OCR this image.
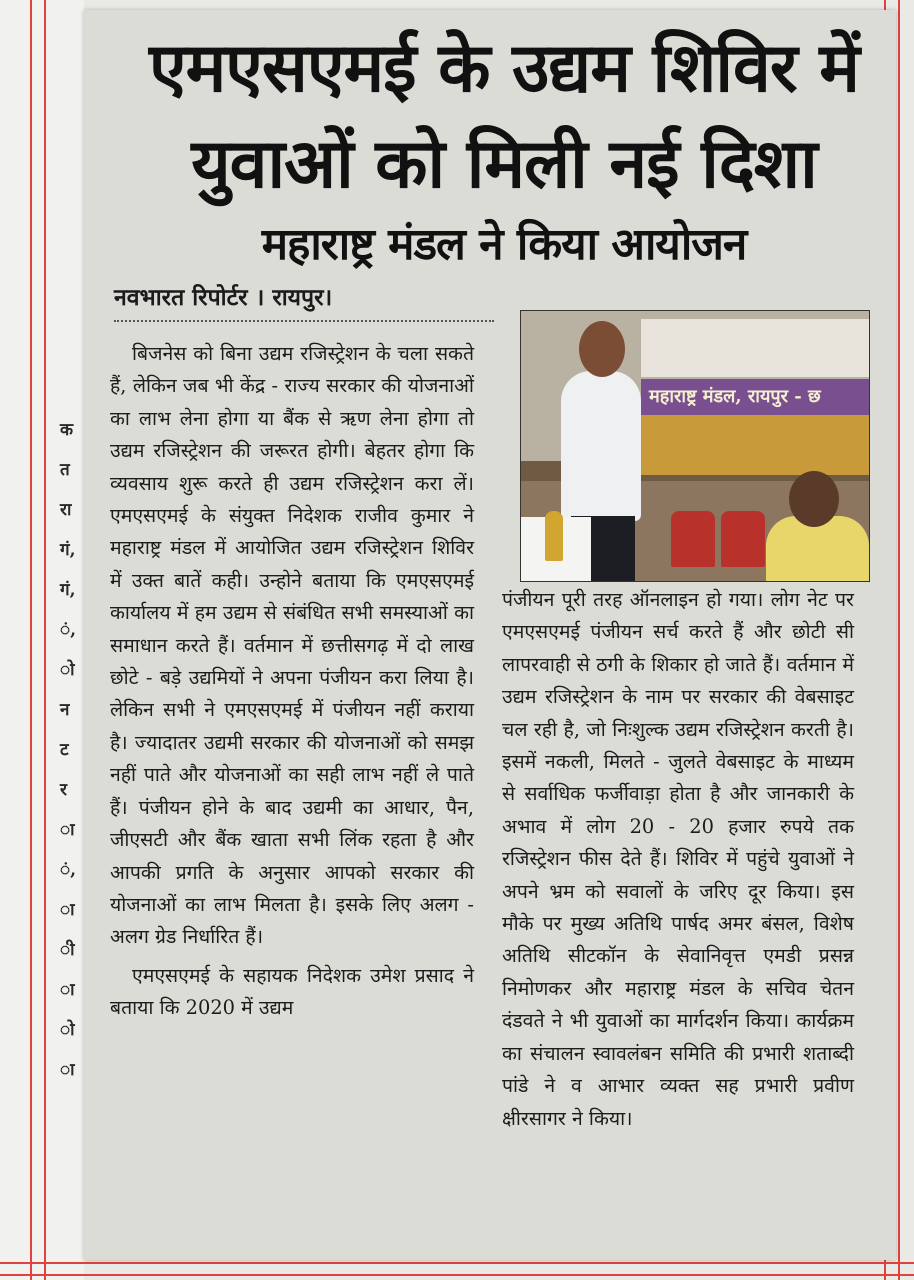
क
त
रा
गं,
गं,
ं,
ो
न
ट
र
ा
ं,
ा
ी
ा
ो
ा
एमएसएमई के उद्यम शिविर में
युवाओं को मिली नई दिशा
महाराष्ट्र मंडल ने किया आयोजन
नवभारत रिपोर्टर । रायपुर।

बिजनेस को बिना उद्यम रजिस्ट्रेशन के चला सकते हैं, लेकिन जब भी केंद्र - राज्य सरकार की योजनाओं का लाभ लेना होगा या बैंक से ऋण लेना होगा तो उद्यम रजिस्ट्रेशन की जरूरत होगी। बेहतर होगा कि व्यवसाय शुरू करते ही उद्यम रजिस्ट्रेशन करा लें। एमएसएमई के संयुक्त निदेशक राजीव कुमार ने महाराष्ट्र मंडल में आयोजित उद्यम रजिस्ट्रेशन शिविर में उक्त बातें कही। उन्होने बताया कि एमएसएमई कार्यालय में हम उद्यम से संबंधित सभी समस्याओं का समाधान करते हैं। वर्तमान में छत्तीसगढ़ में दो लाख छोटे - बड़े उद्यमियों ने अपना पंजीयन करा लिया है। लेकिन सभी ने एमएसएमई में पंजीयन नहीं कराया है। ज्यादातर उद्यमी सरकार की योजनाओं को समझ नहीं पाते और योजनाओं का सही लाभ नहीं ले पाते हैं। पंजीयन होने के बाद उद्यमी का आधार, पैन, जीएसटी और बैंक खाता सभी लिंक रहता है और आपकी प्रगति के अनुसार आपको सरकार की योजनाओं का लाभ मिलता है। इसके लिए अलग - अलग ग्रेड निर्धारित हैं।

एमएसएमई के सहायक निदेशक उमेश प्रसाद ने बताया कि 2020 में उद्यम

महाराष्ट्र मंडल, रायपुर - छ

पंजीयन पूरी तरह ऑनलाइन हो गया। लोग नेट पर एमएसएमई पंजीयन सर्च करते हैं और छोटी सी लापरवाही से ठगी के शिकार हो जाते हैं। वर्तमान में उद्यम रजिस्ट्रेशन के नाम पर सरकार की वेबसाइट चल रही है, जो निःशुल्क उद्यम रजिस्ट्रेशन करती है। इसमें नकली, मिलते - जुलते वेबसाइट के माध्यम से सर्वाधिक फर्जीवाड़ा होता है और जानकारी के अभाव में लोग 20 - 20 हजार रुपये तक रजिस्ट्रेशन फीस देते हैं। शिविर में पहुंचे युवाओं ने अपने भ्रम को सवालों के जरिए दूर किया। इस मौके पर मुख्य अतिथि पार्षद अमर बंसल, विशेष अतिथि सीटकॉन के सेवानिवृत्त एमडी प्रसन्न निमोणकर और महाराष्ट्र मंडल के सचिव चेतन दंडवते ने भी युवाओं का मार्गदर्शन किया। कार्यक्रम का संचालन स्वावलंबन समिति की प्रभारी शताब्दी पांडे ने व आभार व्यक्त सह प्रभारी प्रवीण क्षीरसागर ने किया।
